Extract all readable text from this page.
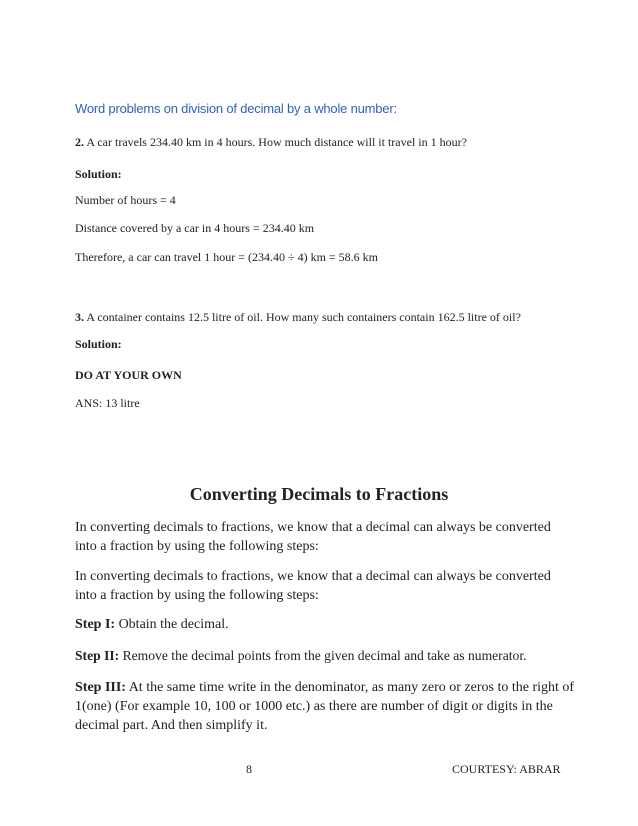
Word problems on division of decimal by a whole number:

2. A car travels 234.40 km in 4 hours. How much distance will it travel in 1 hour?

Solution:

Number of hours = 4

Distance covered by a car in 4 hours = 234.40 km

Therefore, a car can travel 1 hour = (234.40 ÷ 4) km = 58.6 km

3. A container contains 12.5 litre of oil. How many such containers contain 162.5 litre of oil?

Solution:

DO AT YOUR OWN

ANS: 13 litre

Converting Decimals to Fractions

In converting decimals to fractions, we know that a decimal can always be converted into a fraction by using the following steps:

In converting decimals to fractions, we know that a decimal can always be converted into a fraction by using the following steps:

Step I: Obtain the decimal.

Step II: Remove the decimal points from the given decimal and take as numerator.

Step III: At the same time write in the denominator, as many zero or zeros to the right of 1(one) (For example 10, 100 or 1000 etc.) as there are number of digit or digits in the decimal part. And then simplify it.

8	COURTESY: ABRAR
